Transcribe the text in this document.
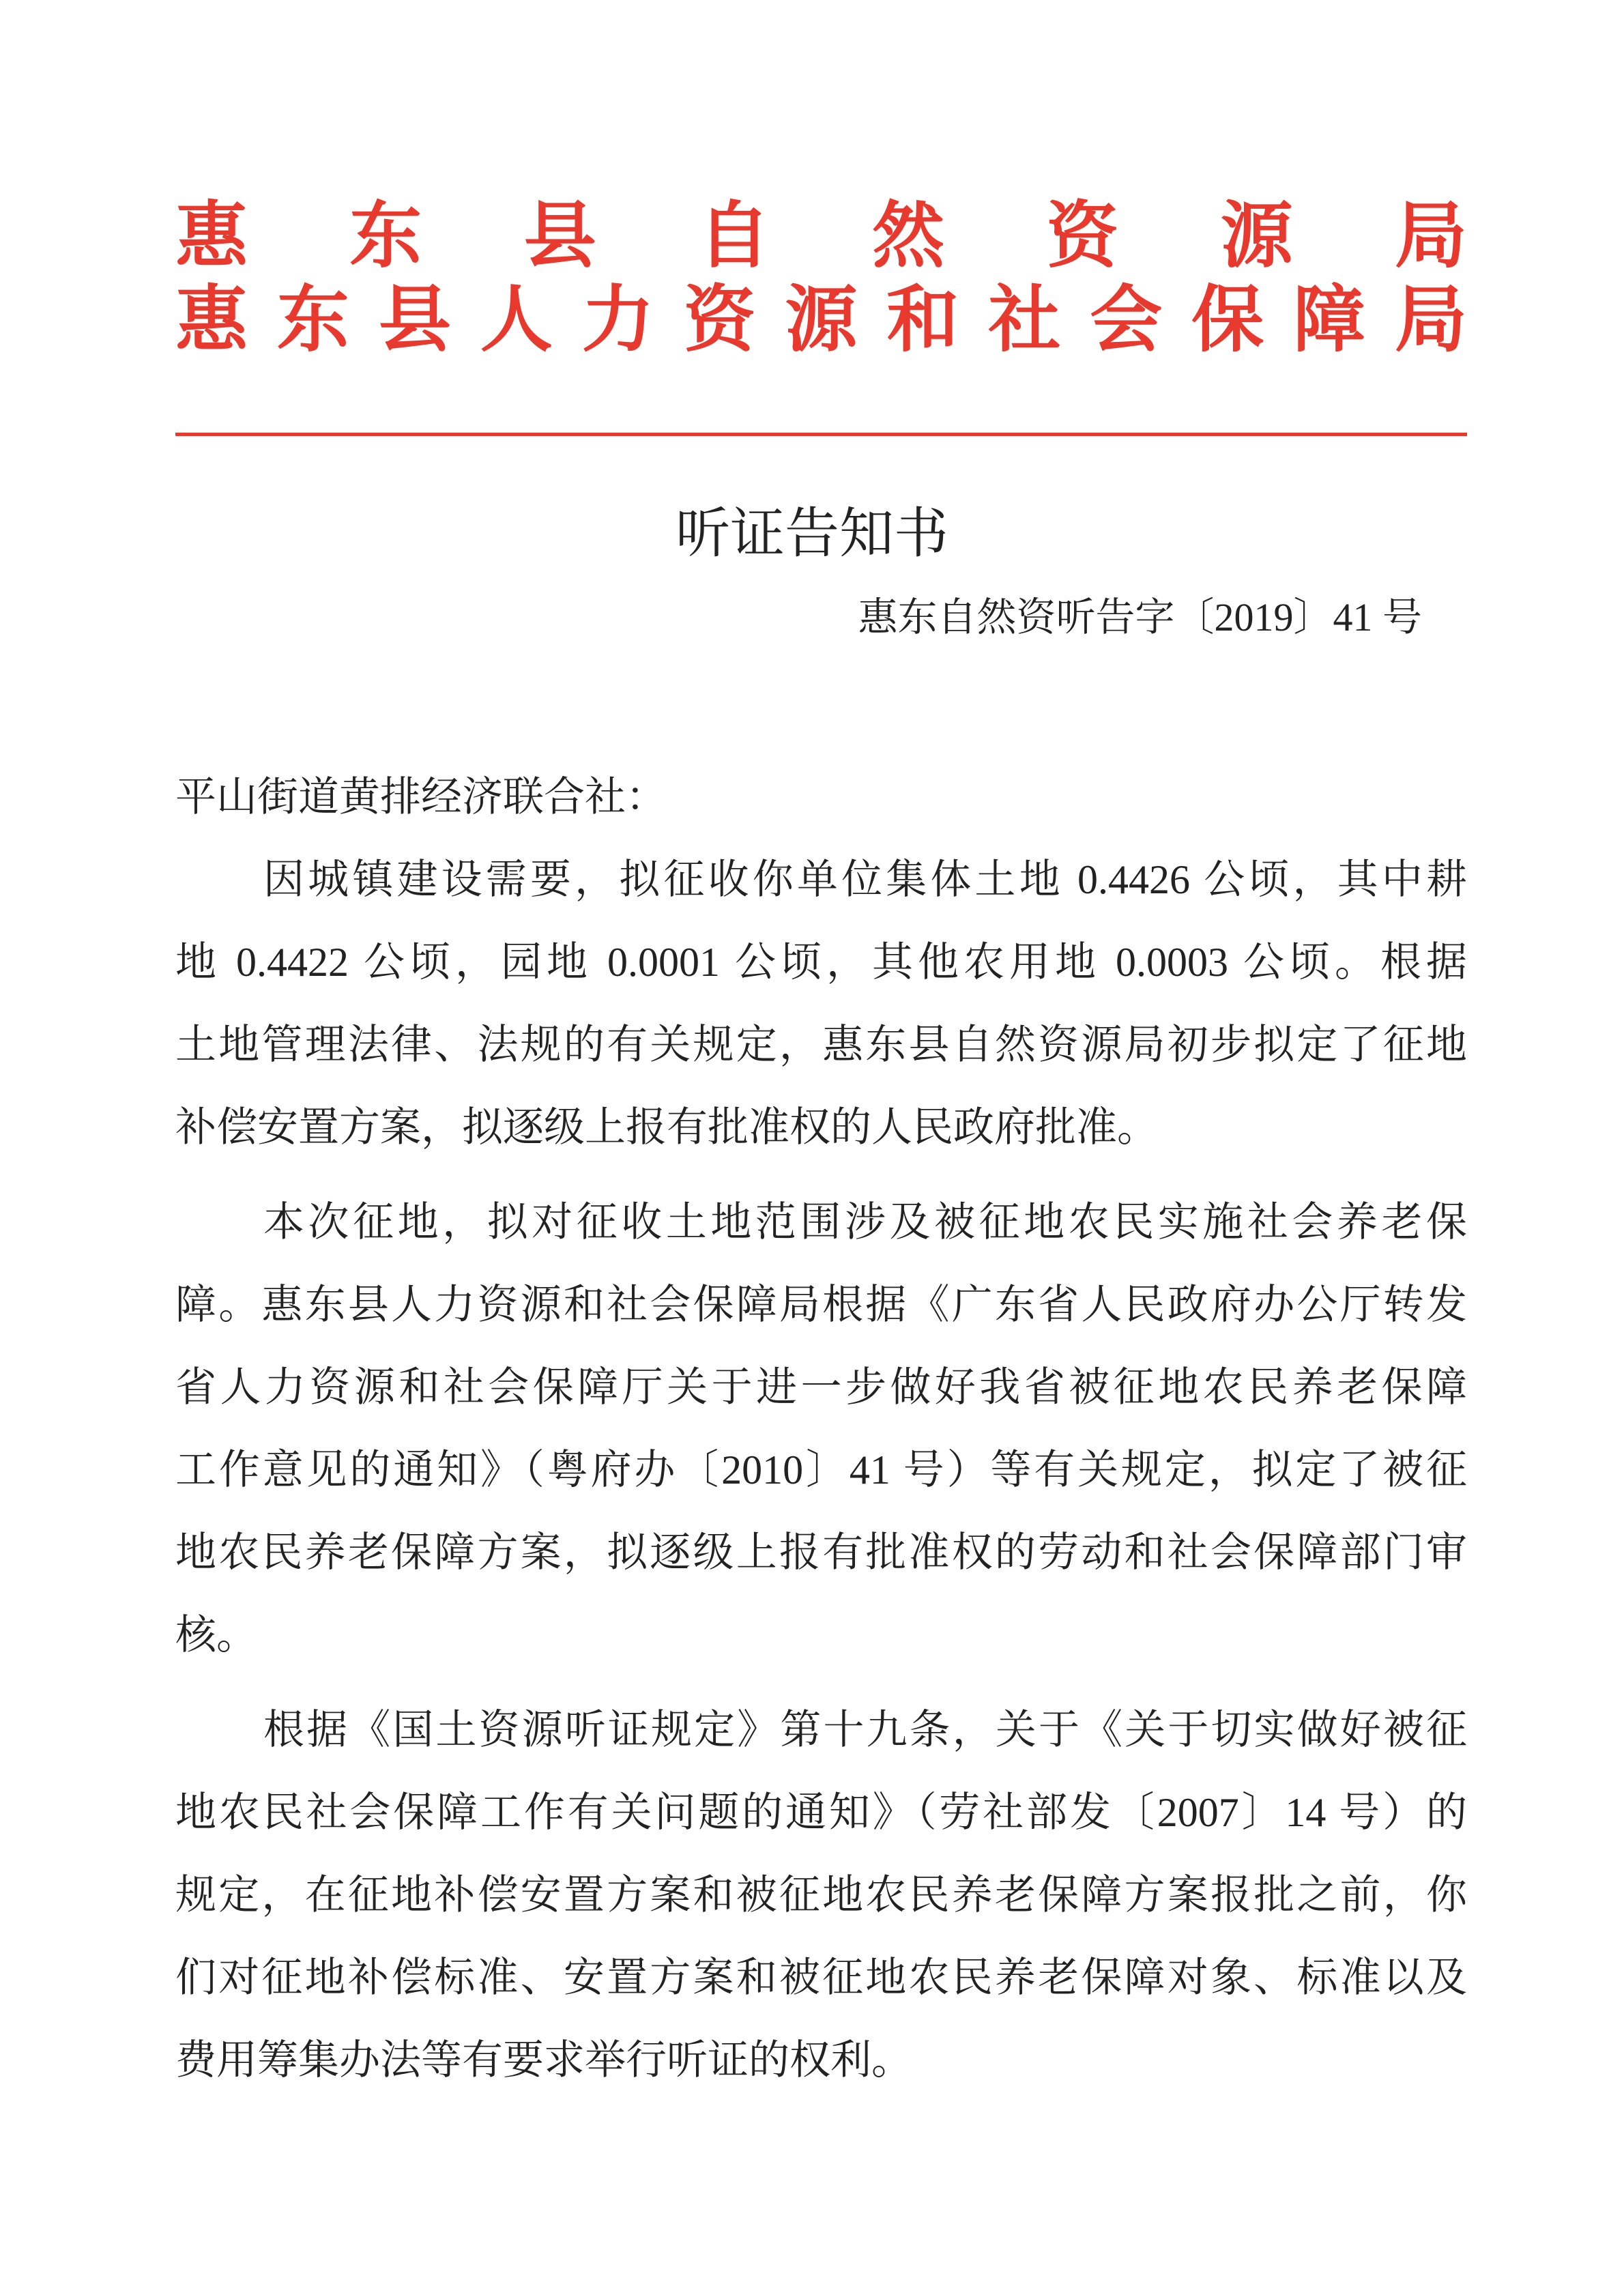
惠东县自然资源局
惠东县人力资源和社会保障局
听证告知书
惠东自然资听告字〔2019〕41 号
平山街道黄排经济联合社：
因城镇建设需要，拟征收你单位集体土地 0.4426 公顷，其中耕
地 0.4422 公顷，园地 0.0001 公顷，其他农用地 0.0003 公顷。根据
土地管理法律、法规的有关规定，惠东县自然资源局初步拟定了征地
补偿安置方案，拟逐级上报有批准权的人民政府批准。
本次征地，拟对征收土地范围涉及被征地农民实施社会养老保
障。惠东县人力资源和社会保障局根据《广东省人民政府办公厅转发
省人力资源和社会保障厅关于进一步做好我省被征地农民养老保障
工作意见的通知》（粤府办〔2010〕41 号）等有关规定，拟定了被征
地农民养老保障方案，拟逐级上报有批准权的劳动和社会保障部门审
核。
根据《国土资源听证规定》第十九条，关于《关于切实做好被征
地农民社会保障工作有关问题的通知》（劳社部发〔2007〕14 号）的
规定，在征地补偿安置方案和被征地农民养老保障方案报批之前，你
们对征地补偿标准、安置方案和被征地农民养老保障对象、标准以及
费用筹集办法等有要求举行听证的权利。
